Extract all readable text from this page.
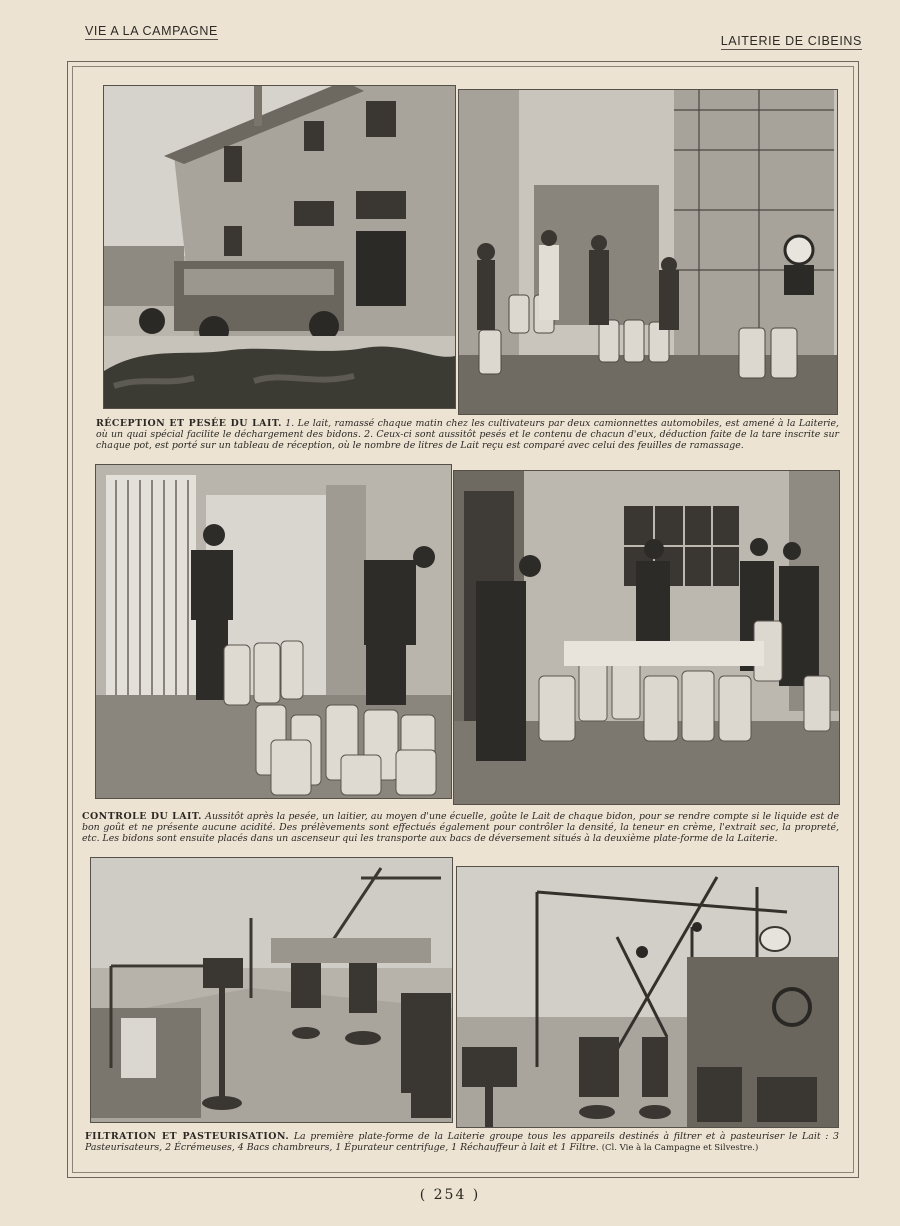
VIE A LA CAMPAGNE
LAITERIE DE CIBEINS
RÉCEPTION ET PESÉE DU LAIT. 1. Le lait, ramassé chaque matin chez les cultivateurs par deux camionnettes automobiles, est amené à la Laiterie, où un quai spécial facilite le déchargement des bidons. 2. Ceux-ci sont aussitôt pesés et le contenu de chacun d'eux, déduction faite de la tare inscrite sur chaque pot, est porté sur un tableau de réception, où le nombre de litres de Lait reçu est comparé avec celui des feuilles de ramassage.
CONTROLE DU LAIT. Aussitôt après la pesée, un laitier, au moyen d'une écuelle, goûte le Lait de chaque bidon, pour se rendre compte si le liquide est de bon goût et ne présente aucune acidité. Des prélèvements sont effectués également pour contrôler la densité, la teneur en crème, l'extrait sec, la propreté, etc. Les bidons sont ensuite placés dans un ascenseur qui les transporte aux bacs de déversement situés à la deuxième plate-forme de la Laiterie.
FILTRATION ET PASTEURISATION. La première plate-forme de la Laiterie groupe tous les appareils destinés à filtrer et à pasteuriser le Lait : 3 Pasteurisateurs, 2 Écrémeuses, 4 Bacs chambreurs, 1 Épurateur centrifuge, 1 Réchauffeur à lait et 1 Filtre. (Cl. Vie à la Campagne et Silvestre.)
( 254 )
